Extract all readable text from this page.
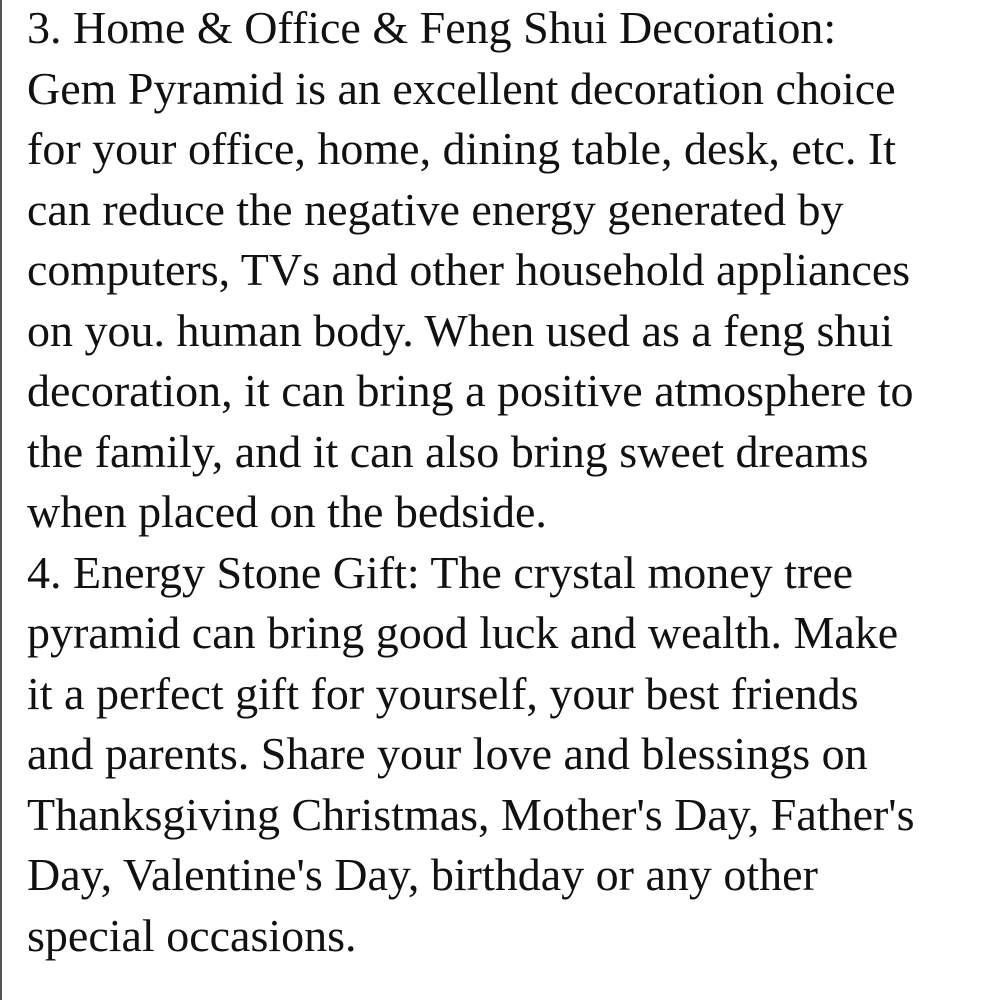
3. Home & Office & Feng Shui Decoration:
Gem Pyramid is an excellent decoration choice
for your office, home, dining table, desk, etc. It
can reduce the negative energy generated by
computers, TVs and other household appliances
on you. human body. When used as a feng shui
decoration, it can bring a positive atmosphere to
the family, and it can also bring sweet dreams
when placed on the bedside.
4. Energy Stone Gift: The crystal money tree
pyramid can bring good luck and wealth. Make
it a perfect gift for yourself, your best friends
and parents. Share your love and blessings on
Thanksgiving Christmas, Mother's Day, Father's
Day, Valentine's Day, birthday or any other
special occasions.
